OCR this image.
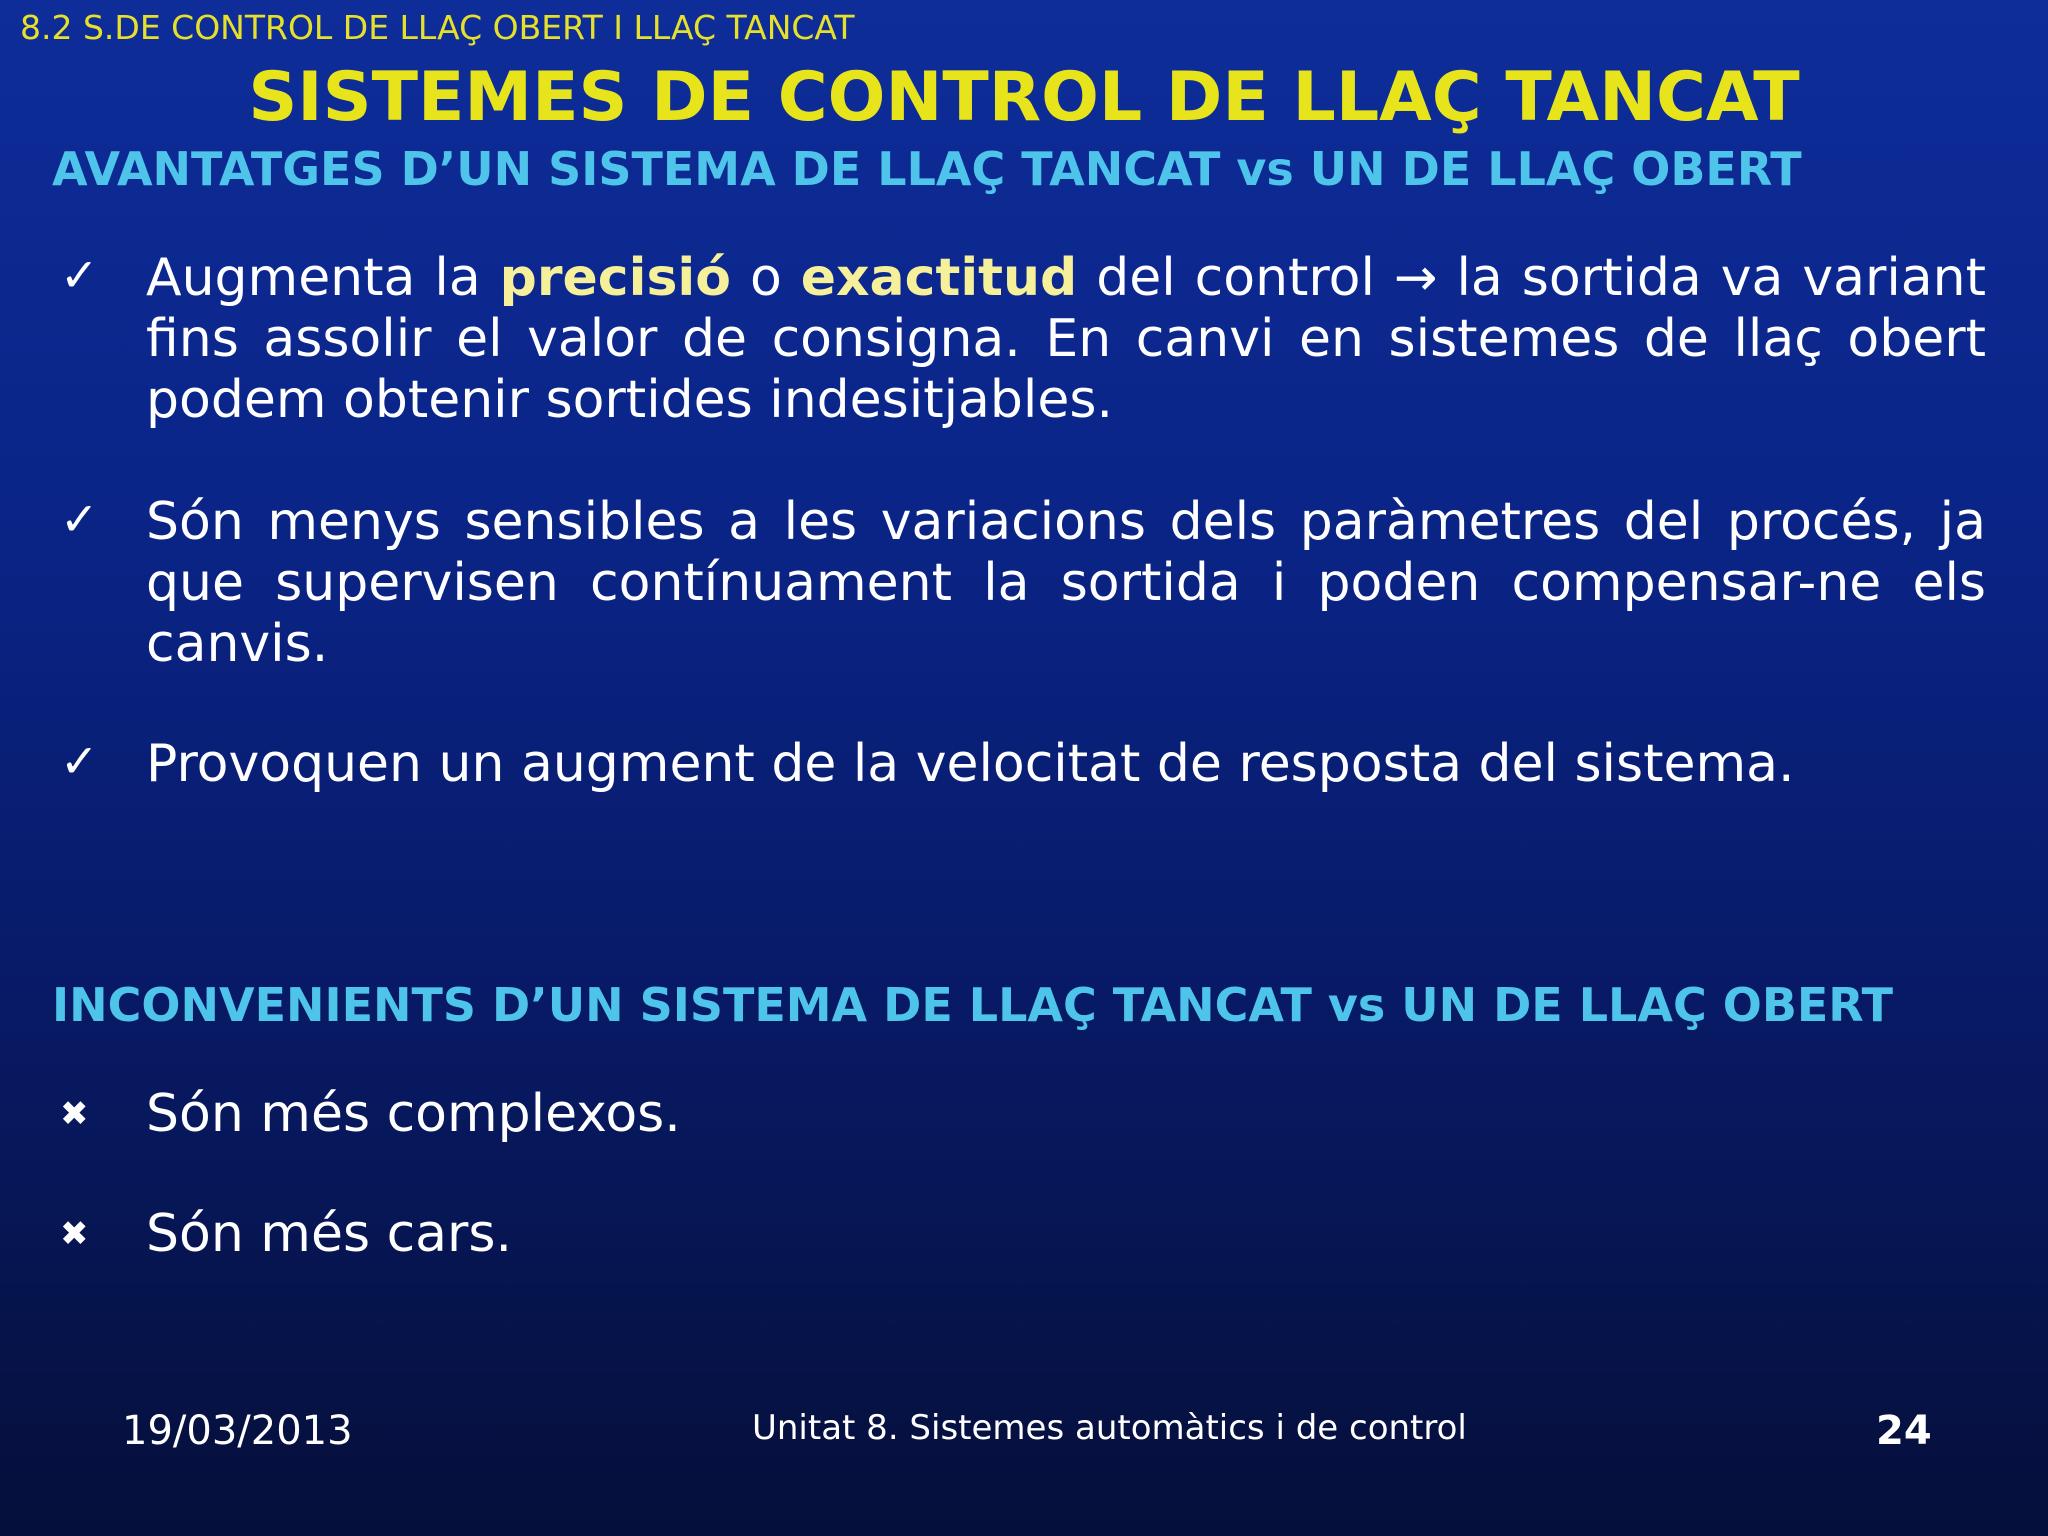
8.2 S.DE CONTROL DE LLAÇ OBERT I LLAÇ TANCAT
SISTEMES DE CONTROL DE LLAÇ TANCAT
AVANTATGES D’UN SISTEMA DE LLAÇ TANCAT vs UN DE LLAÇ OBERT
✓ Augmenta la precisió o exactitud del control → la sortida va variant fins assolir el valor de consigna. En canvi en sistemes de llaç obert podem obtenir sortides indesitjables.
✓ Són menys sensibles a les variacions dels paràmetres del procés, ja que supervisen contínuament la sortida i poden compensar-ne els canvis.
✓ Provoquen un augment de la velocitat de resposta del sistema.
INCONVENIENTS D’UN SISTEMA DE LLAÇ TANCAT vs UN DE LLAÇ OBERT
✖ Són més complexos.
✖ Són més cars.
19/03/2013	Unitat 8. Sistemes automàtics i de control	24
